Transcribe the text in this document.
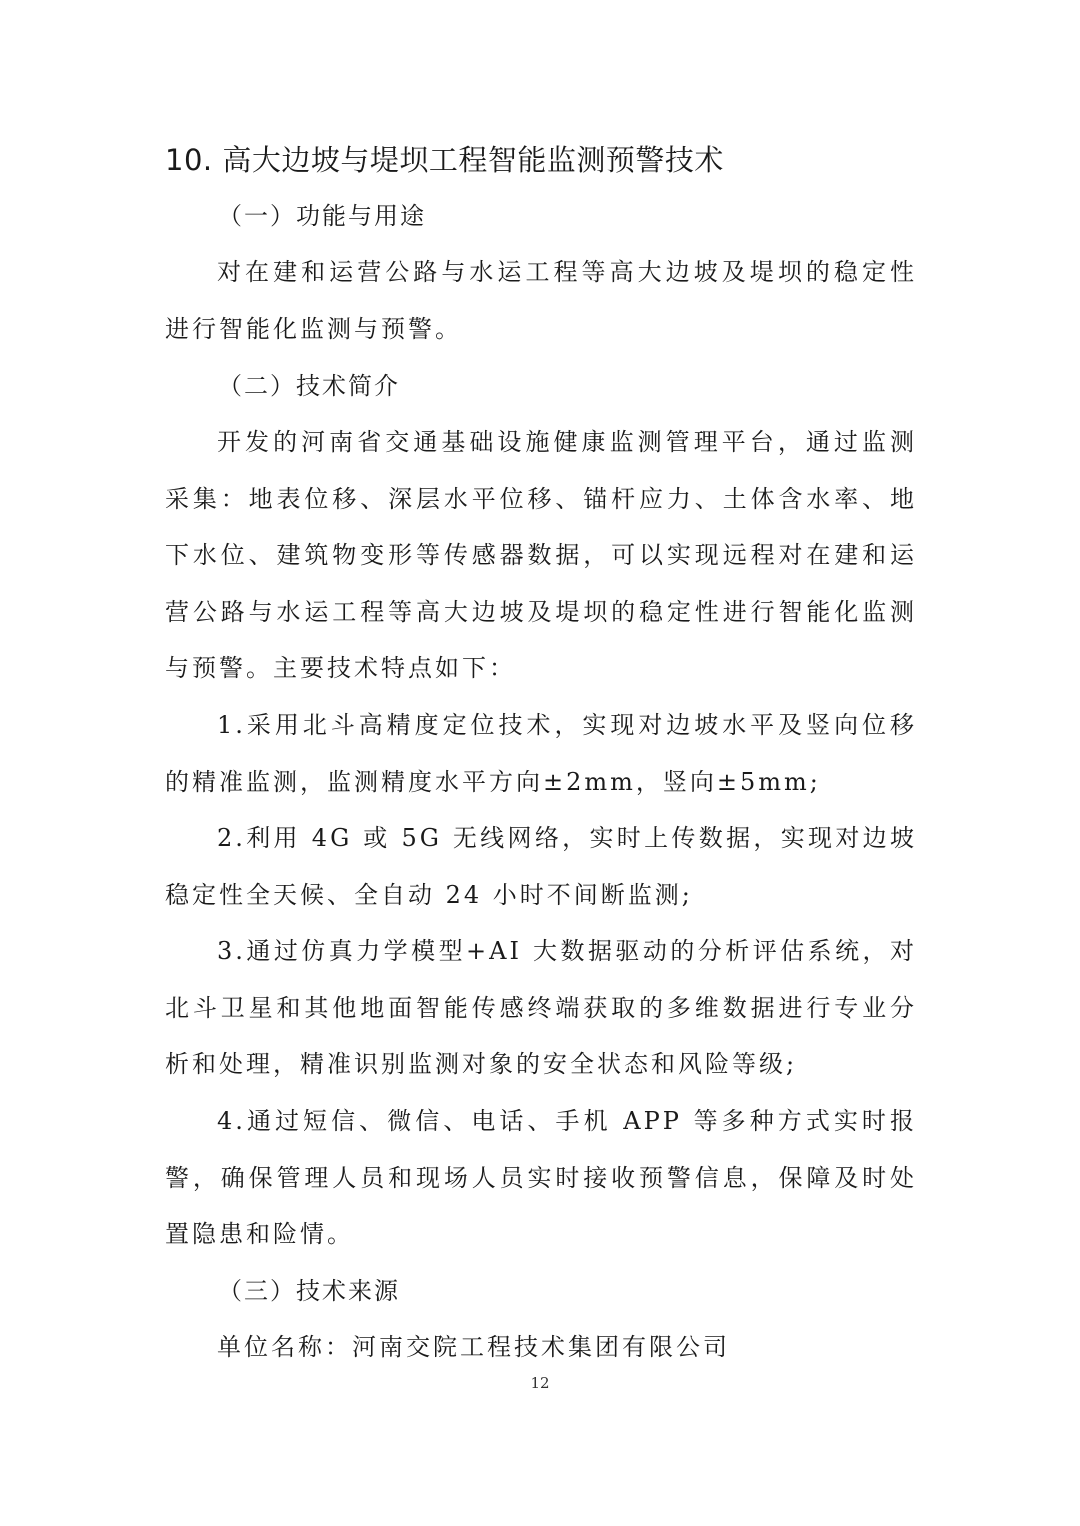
10. 高大边坡与堤坝工程智能监测预警技术
（一）功能与用途

对在建和运营公路与水运工程等高大边坡及堤坝的稳定性进行智能化监测与预警。

（二）技术简介

开发的河南省交通基础设施健康监测管理平台，通过监测采集：地表位移、深层水平位移、锚杆应力、土体含水率、地下水位、建筑物变形等传感器数据，可以实现远程对在建和运营公路与水运工程等高大边坡及堤坝的稳定性进行智能化监测与预警。主要技术特点如下：

1.采用北斗高精度定位技术，实现对边坡水平及竖向位移的精准监测，监测精度水平方向±2mm，竖向±5mm;

2.利用 4G 或 5G 无线网络，实时上传数据，实现对边坡稳定性全天候、全自动 24 小时不间断监测;

3.通过仿真力学模型+AI 大数据驱动的分析评估系统，对北斗卫星和其他地面智能传感终端获取的多维数据进行专业分析和处理，精准识别监测对象的安全状态和风险等级;

4.通过短信、微信、电话、手机 APP 等多种方式实时报警，确保管理人员和现场人员实时接收预警信息，保障及时处置隐患和险情。

（三）技术来源

单位名称：河南交院工程技术集团有限公司

12
